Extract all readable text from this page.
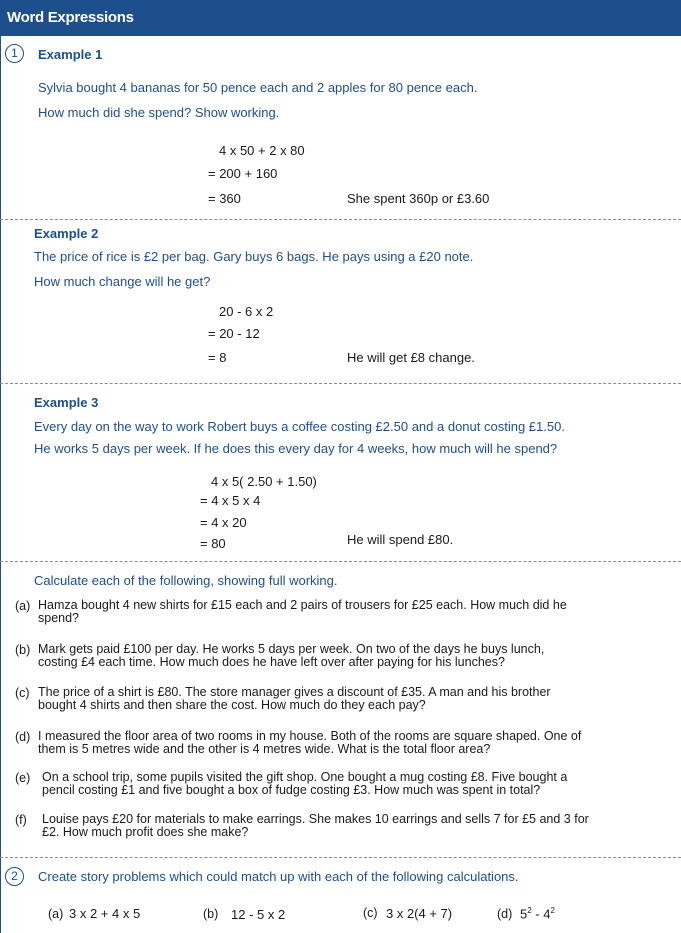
Word Expressions
1	Example 1
Sylvia bought 4 bananas for 50 pence each and 2 apples for 80 pence each.
How much did she spend? Show working.
4 x 50 + 2 x 80
= 200 + 160
= 360	She spent 360p or £3.60
Example 2
The price of rice is £2 per bag. Gary buys 6 bags. He pays using a £20 note.
How much change will he get?
20 - 6 x 2
= 20 - 12
= 8	He will get £8 change.
Example 3
Every day on the way to work Robert buys a coffee costing £2.50 and a donut costing £1.50.
He works 5 days per week. If he does this every day for 4 weeks, how much will he spend?
4 x 5( 2.50 + 1.50)
= 4 x 5 x 4
= 4 x 20
= 80	He will spend £80.
Calculate each of the following, showing full working.
(a) Hamza bought 4 new shirts for £15 each and 2 pairs of trousers for £25 each. How much did he spend?
(b) Mark gets paid £100 per day. He works 5 days per week. On two of the days he buys lunch, costing £4 each time. How much does he have left over after paying for his lunches?
(c) The price of a shirt is £80. The store manager gives a discount of £35. A man and his brother bought 4 shirts and then share the cost. How much do they each pay?
(d) I measured the floor area of two rooms in my house. Both of the rooms are square shaped. One of them is 5 metres wide and the other is 4 metres wide. What is the total floor area?
(e) On a school trip, some pupils visited the gift shop. One bought a mug costing £8. Five bought a pencil costing £1 and five bought a box of fudge costing £3. How much was spent in total?
(f) Louise pays £20 for materials to make earrings. She makes 10 earrings and sells 7 for £5 and 3 for £2. How much profit does she make?
2	Create story problems which could match up with each of the following calculations.
(a) 3 x 2 + 4 x 5	(b) 12 - 5 x 2	(c) 3 x 2(4 + 7)	(d) $5^2 - 4^2$
